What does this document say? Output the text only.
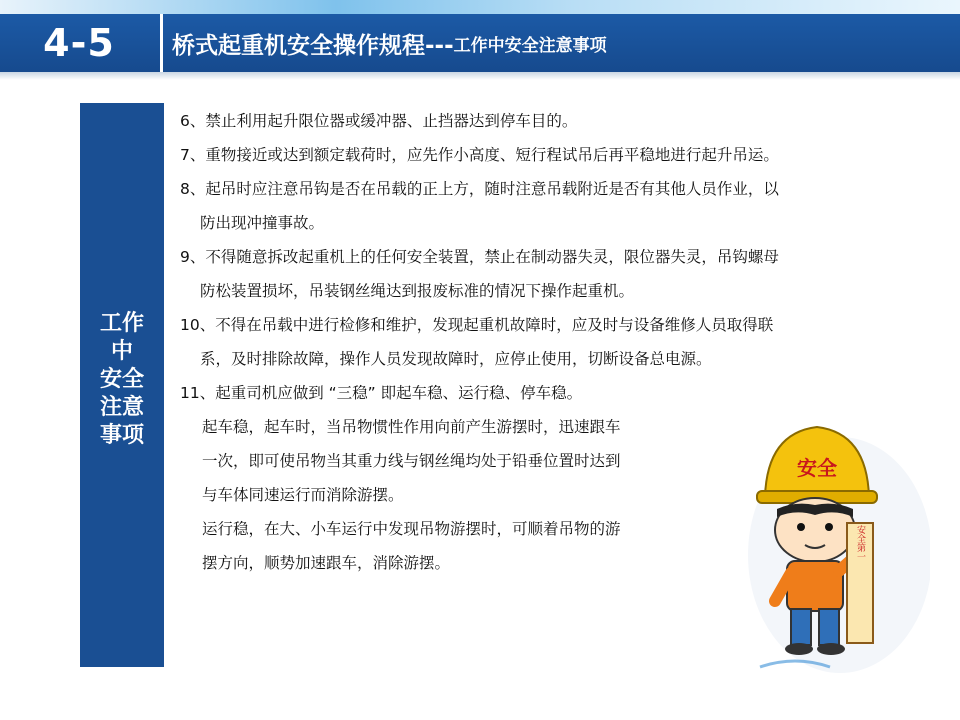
4-5	桥式起重机安全操作规程--- 工作中安全注意事项
工作
中
安全
注意
事项
6、禁止利用起升限位器或缓冲器、止挡器达到停车目的。
7、重物接近或达到额定载荷时，应先作小高度、短行程试吊后再平稳地进行起升吊运。
8、起吊时应注意吊钩是否在吊载的正上方，随时注意吊载附近是否有其他人员作业，以
防出现冲撞事故。
9、不得随意拆改起重机上的任何安全装置，禁止在制动器失灵，限位器失灵，吊钩螺母
防松装置损坏，吊装钢丝绳达到报废标准的情况下操作起重机。
10、不得在吊载中进行检修和维护，发现起重机故障时，应及时与设备维修人员取得联
系，及时排除故障，操作人员发现故障时，应停止使用，切断设备总电源。
11、起重司机应做到 “三稳” 即起车稳、运行稳、停车稳。
起车稳，起车时，当吊物惯性作用向前产生游摆时，迅速跟车
一次，即可使吊物当其重力线与钢丝绳均处于铅垂位置时达到
与车体同速运行而消除游摆。
运行稳，在大、小车运行中发现吊物游摆时，可顺着吊物的游
摆方向，顺势加速跟车，消除游摆。
安全
安全第一
